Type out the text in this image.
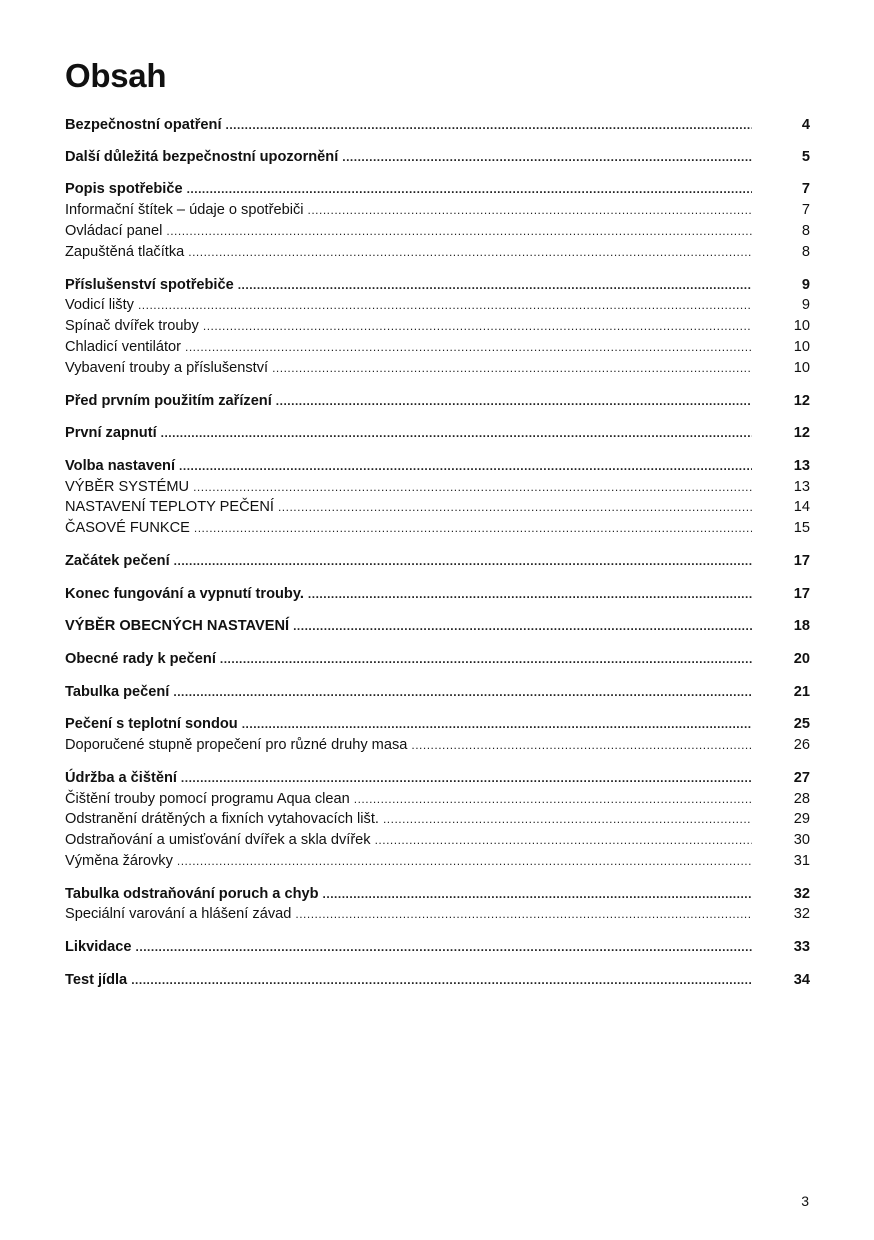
Obsah
Bezpečnostní opatření .....	4
Další důležitá bezpečnostní upozornění .....	5
Popis spotřebiče .....	7
Informační štítek – údaje o spotřebiči .....	7
Ovládací panel .....	8
Zapuštěná tlačítka .....	8
Příslušenství spotřebiče .....	9
Vodicí lišty .....	9
Spínač dvířek trouby .....	10
Chladicí ventilátor .....	10
Vybavení trouby a příslušenství .....	10
Před prvním použitím zařízení .....	12
První zapnutí .....	12
Volba nastavení .....	13
VÝBĚR SYSTÉMU .....	13
NASTAVENÍ TEPLOTY PEČENÍ .....	14
ČASOVÉ FUNKCE .....	15
Začátek pečení .....	17
Konec fungování a vypnutí trouby. .....	17
VÝBĚR OBECNÝCH NASTAVENÍ .....	18
Obecné rady k pečení .....	20
Tabulka pečení .....	21
Pečení s teplotní sondou .....	25
Doporučené stupně propečení pro různé druhy masa .....	26
Údržba a čištění .....	27
Čištění trouby pomocí programu Aqua clean .....	28
Odstranění drátěných a fixních vytahovacích lišt. .....	29
Odstraňování a umisťování dvířek a skla dvířek .....	30
Výměna žárovky .....	31
Tabulka odstraňování poruch a chyb .....	32
Speciální varování a hlášení závad .....	32
Likvidace .....	33
Test jídla .....	34
3
